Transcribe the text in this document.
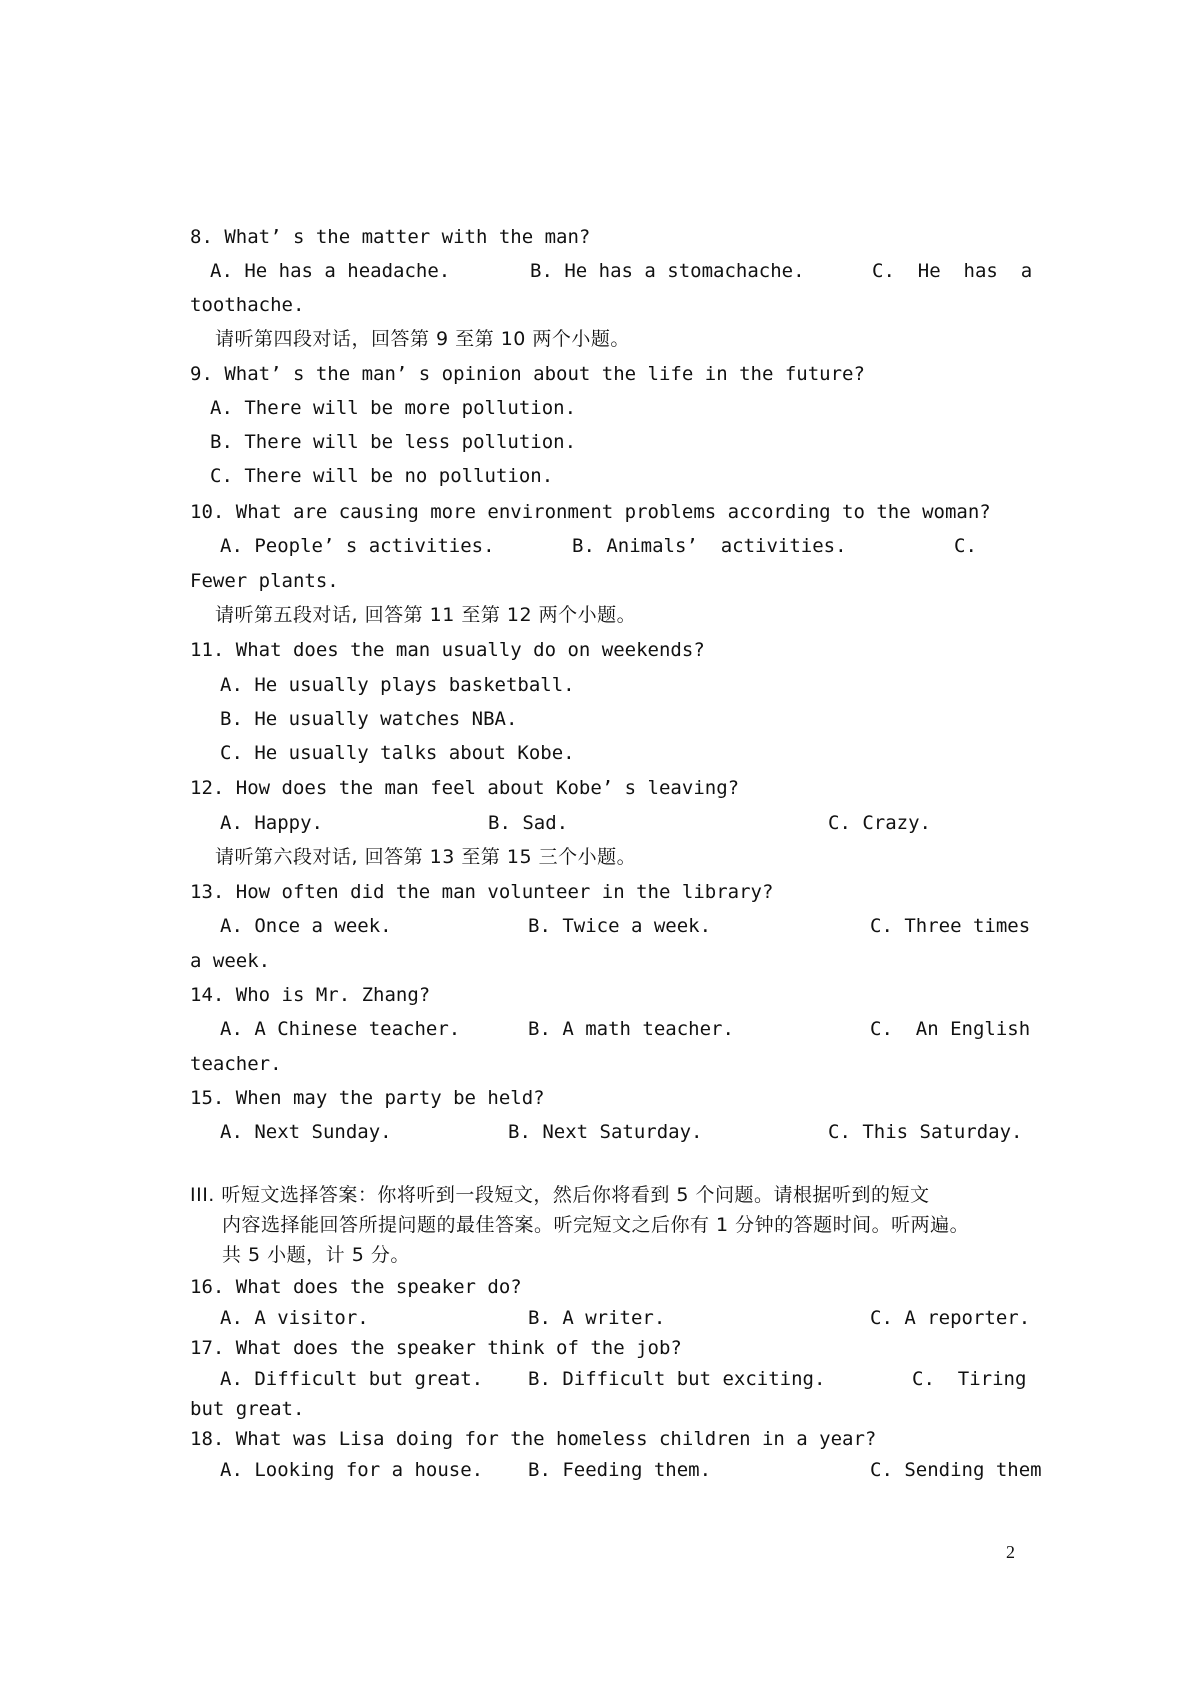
8. What’ s the matter with the man?
A. He has a headache.	B. He has a stomachache.	C.  He  has  a
toothache.
请听第四段对话，回答第 9 至第 10 两个小题。
9. What’ s the man’ s opinion about the life in the future?
A. There will be more pollution.
B. There will be less pollution.
C. There will be no pollution.
10. What are causing more environment problems according to the woman?
A. People’ s activities.	B. Animals’  activities.	C.
Fewer plants.
请听第五段对话, 回答第 11 至第 12 两个小题。
11. What does the man usually do on weekends?
A. He usually plays basketball.
B. He usually watches NBA.
C. He usually talks about Kobe.
12. How does the man feel about Kobe’ s leaving?
A. Happy.	B. Sad.	C. Crazy.
请听第六段对话, 回答第 13 至第 15 三个小题。
13. How often did the man volunteer in the library?
A. Once a week.	B. Twice a week.	C. Three times
a week.
14. Who is Mr. Zhang?
A. A Chinese teacher.	B. A math teacher.	C.  An English
teacher.
15. When may the party be held?
A. Next Sunday.	B. Next Saturday.	C. This Saturday.
III. 听短文选择答案：你将听到一段短文，然后你将看到 5 个问题。请根据听到的短文
内容选择能回答所提问题的最佳答案。听完短文之后你有 1 分钟的答题时间。听两遍。
共 5 小题，计 5 分。
16. What does the speaker do?
A. A visitor.	B. A writer.	C. A reporter.
17. What does the speaker think of the job?
A. Difficult but great. B. Difficult but exciting.	C.  Tiring
but great.
18. What was Lisa doing for the homeless children in a year?
A. Looking for a house. B. Feeding them.	C. Sending them
2
